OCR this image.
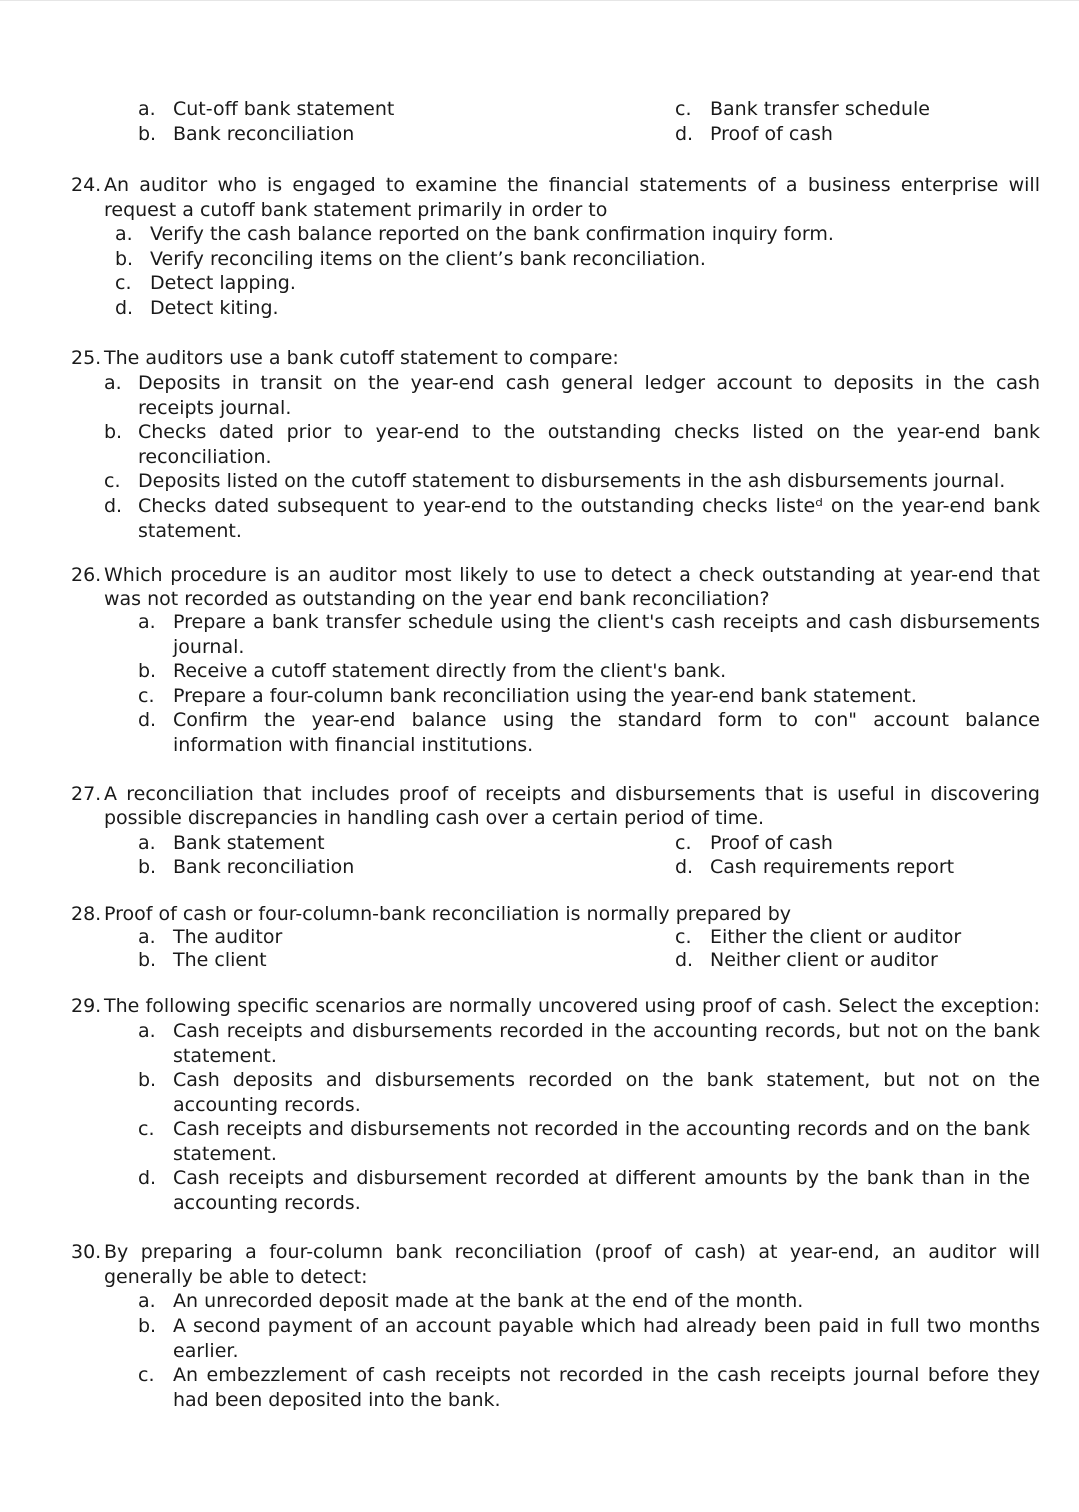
a. Cut-off bank statement
b. Bank reconciliation
c. Bank transfer schedule
d. Proof of cash
24. An auditor who is engaged to examine the financial statements of a business enterprise will
request a cutoff bank statement primarily in order to
a. Verify the cash balance reported on the bank confirmation inquiry form.
b. Verify reconciling items on the client’s bank reconciliation.
c. Detect lapping.
d. Detect kiting.
25. The auditors use a bank cutoff statement to compare:
a. Deposits in transit on the year-end cash general ledger account to deposits in the cash receipts journal.
b. Checks dated prior to year-end to the outstanding checks listed on the year-end bank reconciliation.
c. Deposits listed on the cutoff statement to disbursements in the ash disbursements journal.
d. Checks dated subsequent to year-end to the outstanding checks listeᵈ on the year-end bank statement.
26. Which procedure is an auditor most likely to use to detect a check outstanding at year-end that
was not recorded as outstanding on the year end bank reconciliation?
a. Prepare a bank transfer schedule using the client's cash receipts and cash disbursements journal.
b. Receive a cutoff statement directly from the client's bank.
c. Prepare a four-column bank reconciliation using the year-end bank statement.
d. Confirm the year-end balance using the standard form to con" account balance information with financial institutions.
27. A reconciliation that includes proof of receipts and disbursements that is useful in discovering
possible discrepancies in handling cash over a certain period of time.
a. Bank statement
b. Bank reconciliation
c. Proof of cash
d. Cash requirements report
28. Proof of cash or four-column-bank reconciliation is normally prepared by
a. The auditor
b. The client
c. Either the client or auditor
d. Neither client or auditor
29. The following specific scenarios are normally uncovered using proof of cash. Select the exception:
a. Cash receipts and disbursements recorded in the accounting records, but not on the bank statement.
b. Cash deposits and disbursements recorded on the bank statement, but not on the accounting records.
c. Cash receipts and disbursements not recorded in the accounting records and on the bank statement.
d. Cash receipts and disbursement recorded at different amounts by the bank than in the accounting records.
30. By preparing a four-column bank reconciliation (proof of cash) at year-end, an auditor will
generally be able to detect:
a. An unrecorded deposit made at the bank at the end of the month.
b. A second payment of an account payable which had already been paid in full two months earlier.
c. An embezzlement of cash receipts not recorded in the cash receipts journal before they had been deposited into the bank.
